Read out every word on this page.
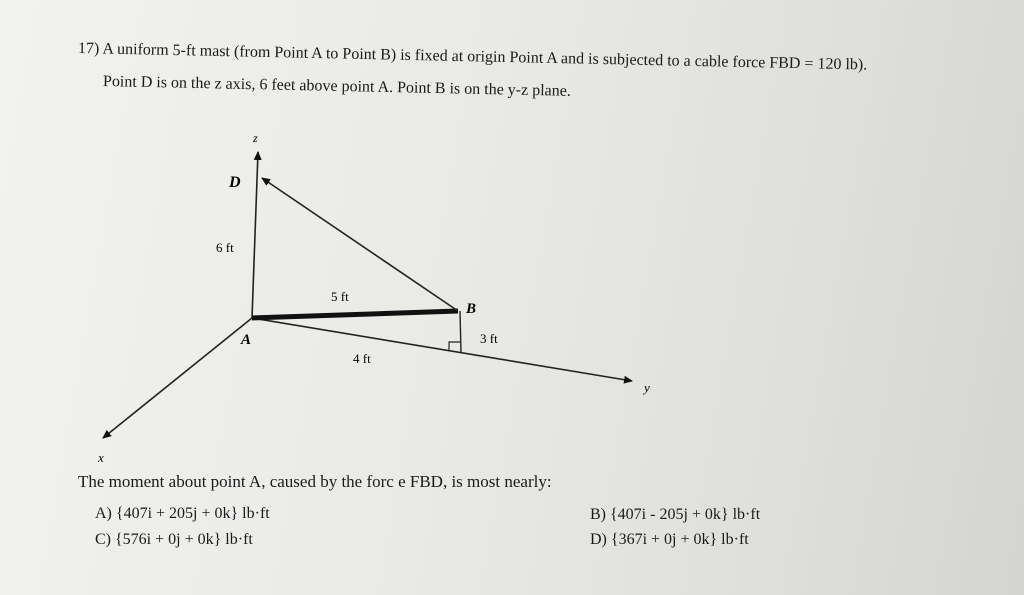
17) A uniform 5-ft mast (from Point A to Point B) is fixed at origin Point A and is subjected to a cable force FBD = 120 lb).
Point D is on the z axis, 6 feet above point A. Point B is on the y-z plane.
z
D
6 ft
5 ft
B
3 ft
A
4 ft
y
x
The moment about point A, caused by the forc e FBD, is most nearly:
A) {407i + 205j + 0k} lb·ft
C) {576i + 0j + 0k} lb·ft
B) {407i - 205j + 0k} lb·ft
D) {367i + 0j + 0k} lb·ft
